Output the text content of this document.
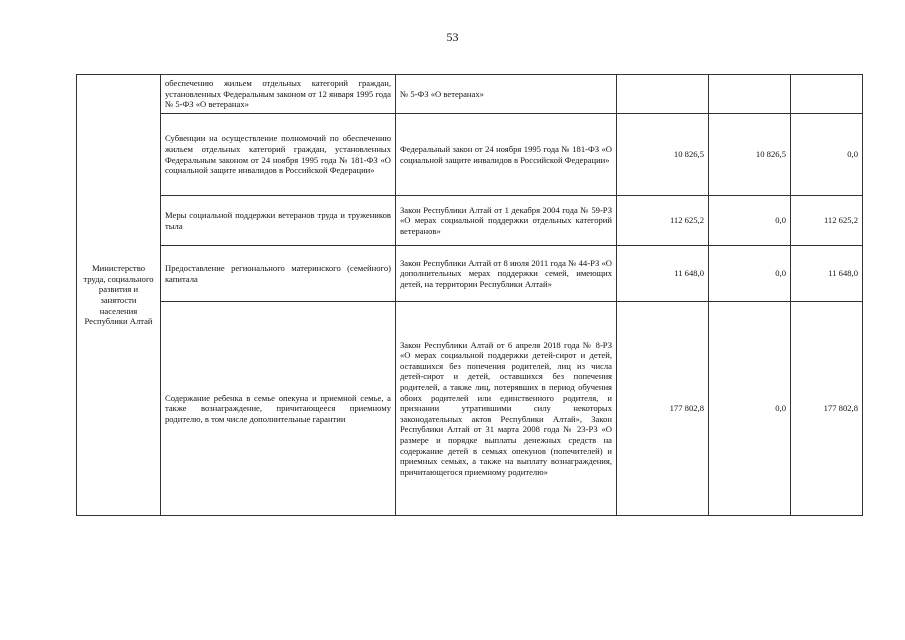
53
Министерство труда, социального развития и занятости населения Республики Алтай	обеспечению жильем отдельных категорий граждан, установленных Федеральным законом от 12 января 1995 года № 5-ФЗ «О ветеранах»	№ 5-ФЗ «О ветеранах»			
	Субвенции на осуществление полномочий по обеспечению жильем отдельных категорий граждан, установленных Федеральным законом от 24 ноября 1995 года № 181-ФЗ «О социальной защите инвалидов в Российской Федерации»	Федеральный закон от 24 ноября 1995 года № 181-ФЗ «О социальной защите инвалидов в Российской Федерации»	10 826,5	10 826,5	0,0
	Меры социальной поддержки ветеранов труда и тружеников тыла	Закон Республики Алтай от 1 декабря 2004 года № 59-РЗ «О мерах социальной поддержки отдельных категорий ветеранов»	112 625,2	0,0	112 625,2
	Предоставление регионального материнского (семейного) капитала	Закон Республики Алтай от 8 июля 2011 года № 44-РЗ «О дополнительных мерах поддержки семей, имеющих детей, на территории Республики Алтай»	11 648,0	0,0	11 648,0
	Содержание ребенка в семье опекуна и приемной семье, а также вознаграждение, причитающееся приемному родителю, в том числе дополнительные гарантии	Закон Республики Алтай от 6 апреля 2018 года № 8-РЗ «О мерах социальной поддержки детей-сирот и детей, оставшихся без попечения родителей, лиц из числа детей-сирот и детей, оставшихся без попечения родителей, а также лиц, потерявших в период обучения обоих родителей или единственного родителя, и признании утратившими силу некоторых законодательных актов Республики Алтай», Закон Республики Алтай от 31 марта 2008 года № 23-РЗ «О размере и порядке выплаты денежных средств на содержание детей в семьях опекунов (попечителей) и приемных семьях, а также на выплату вознаграждения, причитающегося приемному родителю»	177 802,8	0,0	177 802,8
